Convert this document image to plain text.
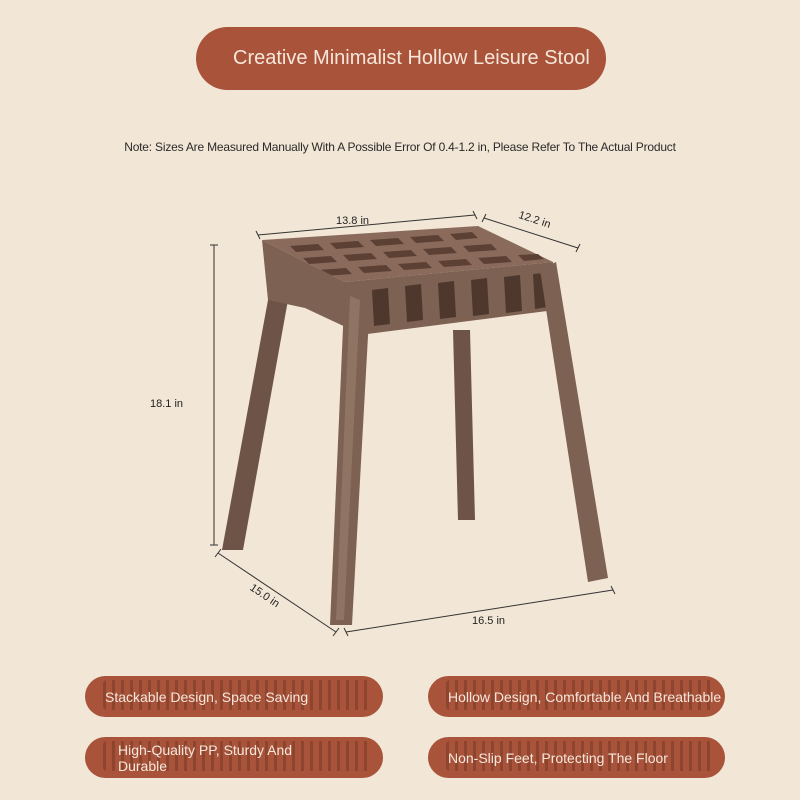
Creative Minimalist Hollow Leisure Stool
Note: Sizes Are Measured Manually With A Possible Error Of 0.4-1.2 in, Please Refer To The Actual Product
13.8 in	12.2 in
18.1 in
15.0 in
16.5 in
Stackable Design, Space Saving	Hollow Design, Comfortable And Breathable
High-Quality PP, Sturdy And Durable	Non-Slip Feet, Protecting The Floor
